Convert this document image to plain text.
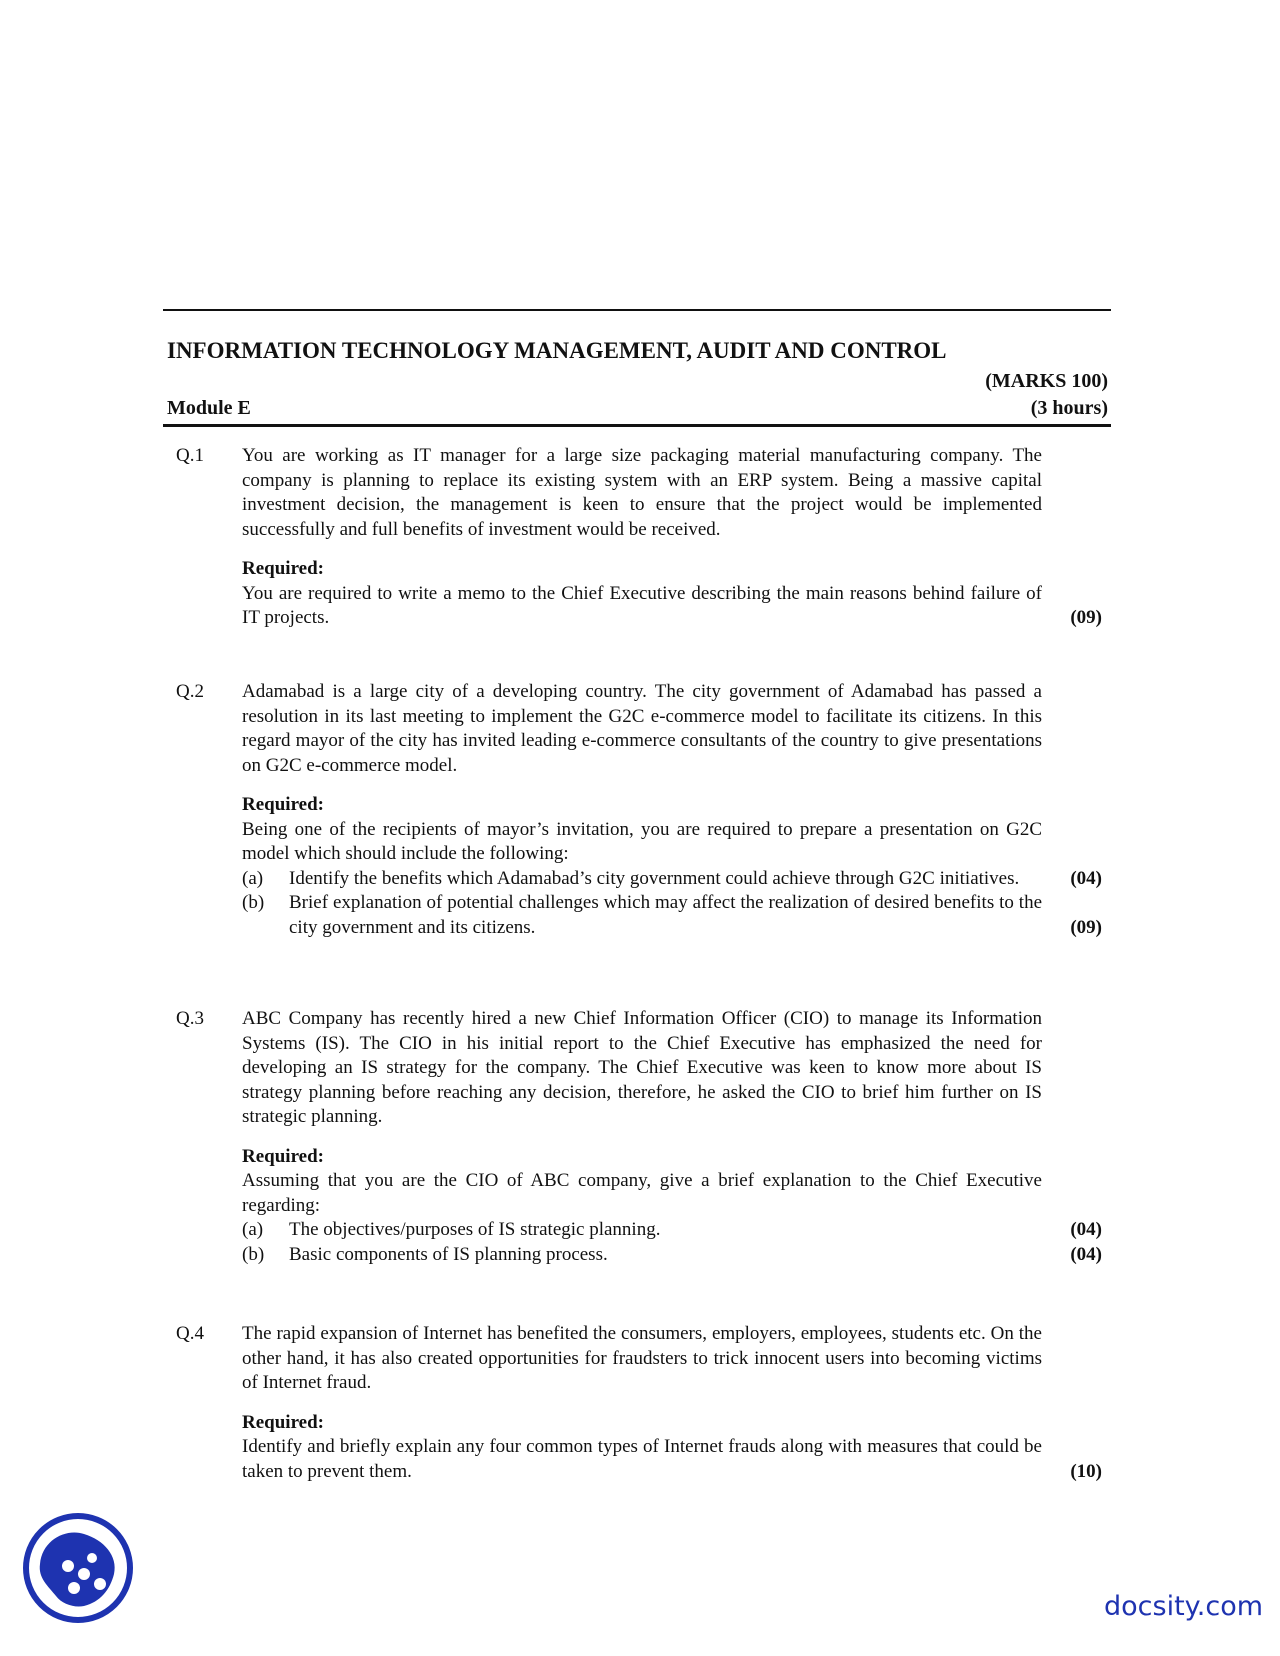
INFORMATION TECHNOLOGY MANAGEMENT, AUDIT AND CONTROL
(MARKS 100)
Module E	(3 hours)
Q.1 You are working as IT manager for a large size packaging material manufacturing company. The company is planning to replace its existing system with an ERP system. Being a massive capital investment decision, the management is keen to ensure that the project would be implemented successfully and full benefits of investment would be received.

Required:

You are required to write a memo to the Chief Executive describing the main reasons behind failure of IT projects.	(09)
Q.2 Adamabad is a large city of a developing country. The city government of Adamabad has passed a resolution in its last meeting to implement the G2C e-commerce model to facilitate its citizens. In this regard mayor of the city has invited leading e-commerce consultants of the country to give presentations on G2C e-commerce model.

Required:

Being one of the recipients of mayor’s invitation, you are required to prepare a presentation on G2C model which should include the following:

(a) Identify the benefits which Adamabad’s city government could achieve through G2C initiatives.	(04)
(b) Brief explanation of potential challenges which may affect the realization of desired benefits to the city government and its citizens.	(09)
Q.3 ABC Company has recently hired a new Chief Information Officer (CIO) to manage its Information Systems (IS). The CIO in his initial report to the Chief Executive has emphasized the need for developing an IS strategy for the company. The Chief Executive was keen to know more about IS strategy planning before reaching any decision, therefore, he asked the CIO to brief him further on IS strategic planning.

Required:

Assuming that you are the CIO of ABC company, give a brief explanation to the Chief Executive regarding:

(a) The objectives/purposes of IS strategic planning.	(04)
(b) Basic components of IS planning process.	(04)
Q.4 The rapid expansion of Internet has benefited the consumers, employers, employees, students etc. On the other hand, it has also created opportunities for fraudsters to trick innocent users into becoming victims of Internet fraud.

Required:

Identify and briefly explain any four common types of Internet frauds along with measures that could be taken to prevent them.	(10)
docsity.com
